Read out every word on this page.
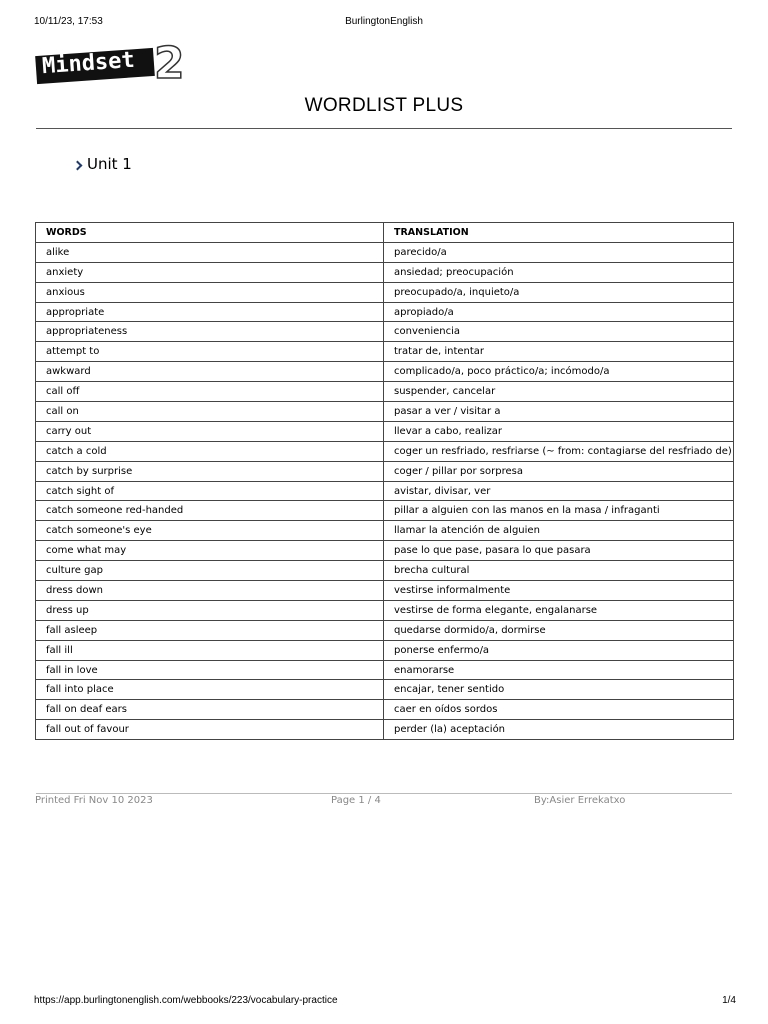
10/11/23, 17:53	BurlingtonEnglish
Mindset 2
WORDLIST PLUS
Unit 1
WORDS	TRANSLATION
alike	parecido/a
anxiety	ansiedad; preocupación
anxious	preocupado/a, inquieto/a
appropriate	apropiado/a
appropriateness	conveniencia
attempt to	tratar de, intentar
awkward	complicado/a, poco práctico/a; incómodo/a
call off	suspender, cancelar
call on	pasar a ver / visitar a
carry out	llevar a cabo, realizar
catch a cold	coger un resfriado, resfriarse (~ from: contagiarse del resfriado de)
catch by surprise	coger / pillar por sorpresa
catch sight of	avistar, divisar, ver
catch someone red-handed	pillar a alguien con las manos en la masa / infraganti
catch someone's eye	llamar la atención de alguien
come what may	pase lo que pase, pasara lo que pasara
culture gap	brecha cultural
dress down	vestirse informalmente
dress up	vestirse de forma elegante, engalanarse
fall asleep	quedarse dormido/a, dormirse
fall ill	ponerse enfermo/a
fall in love	enamorarse
fall into place	encajar, tener sentido
fall on deaf ears	caer en oídos sordos
fall out of favour	perder (la) aceptación
Printed Fri Nov 10 2023	Page 1 / 4	By:Asier Errekatxo
https://app.burlingtonenglish.com/webbooks/223/vocabulary-practice	1/4
